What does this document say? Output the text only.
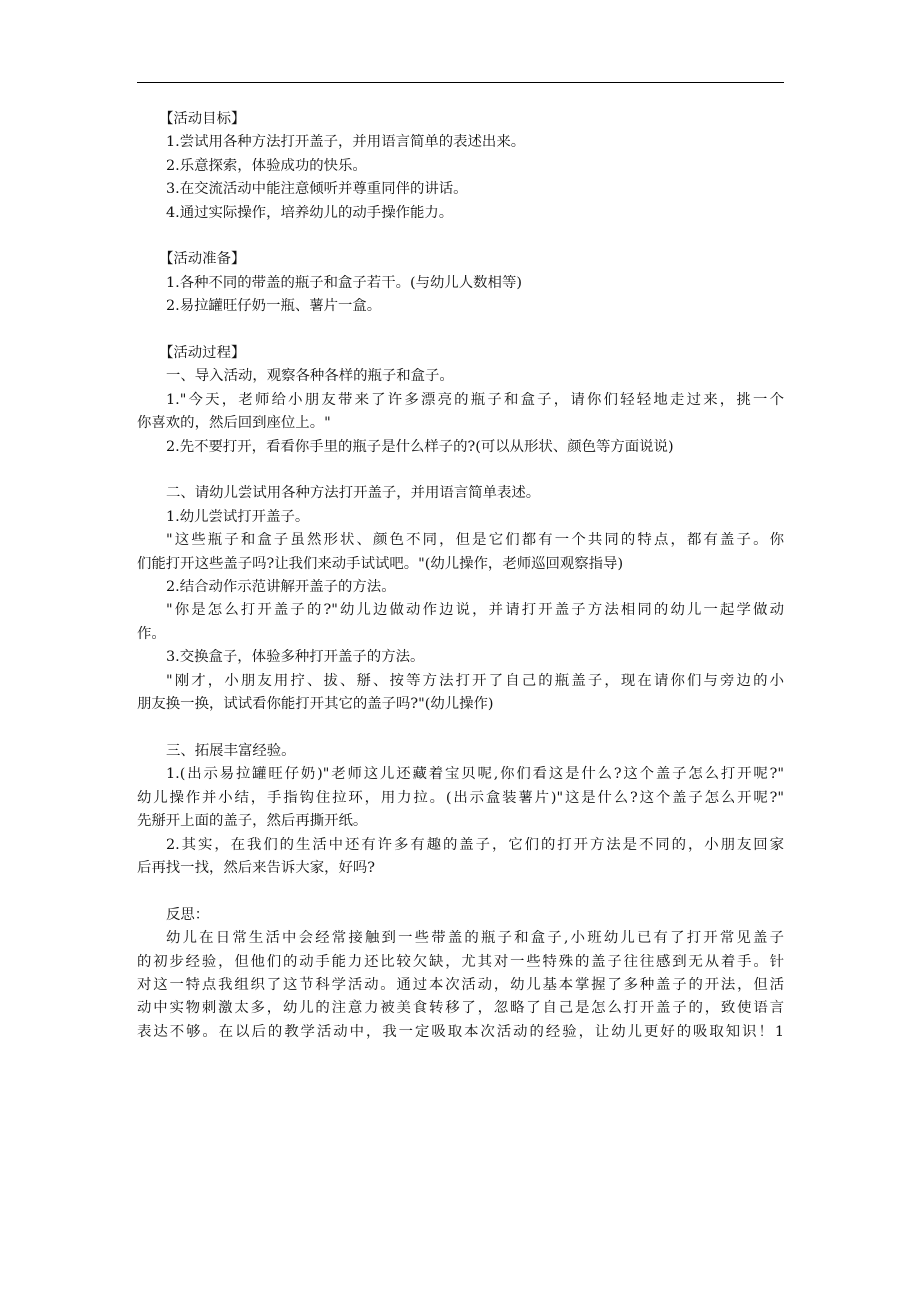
【活动目标】
1.尝试用各种方法打开盖子，并用语言简单的表述出来。
2.乐意探索，体验成功的快乐。
3.在交流活动中能注意倾听并尊重同伴的讲话。
4.通过实际操作，培养幼儿的动手操作能力。
【活动准备】
1.各种不同的带盖的瓶子和盒子若干。(与幼儿人数相等)
2.易拉罐旺仔奶一瓶、薯片一盒。
【活动过程】
一、导入活动，观察各种各样的瓶子和盒子。
1."今天，老师给小朋友带来了许多漂亮的瓶子和盒子，请你们轻轻地走过来，挑一个
你喜欢的，然后回到座位上。"
2.先不要打开，看看你手里的瓶子是什么样子的?(可以从形状、颜色等方面说说)
二、请幼儿尝试用各种方法打开盖子，并用语言简单表述。
1.幼儿尝试打开盖子。
"这些瓶子和盒子虽然形状、颜色不同，但是它们都有一个共同的特点，都有盖子。你
们能打开这些盖子吗?让我们来动手试试吧。"(幼儿操作，老师巡回观察指导)
2.结合动作示范讲解开盖子的方法。
"你是怎么打开盖子的?"幼儿边做动作边说，并请打开盖子方法相同的幼儿一起学做动
作。
3.交换盒子，体验多种打开盖子的方法。
"刚才，小朋友用拧、拔、掰、按等方法打开了自己的瓶盖子，现在请你们与旁边的小
朋友换一换，试试看你能打开其它的盖子吗?"(幼儿操作)
三、拓展丰富经验。
1.(出示易拉罐旺仔奶)"老师这儿还藏着宝贝呢,你们看这是什么?这个盖子怎么打开呢?"
幼儿操作并小结，手指钩住拉环，用力拉。(出示盒装薯片)"这是什么?这个盖子怎么开呢?"
先掰开上面的盖子，然后再撕开纸。
2.其实，在我们的生活中还有许多有趣的盖子，它们的打开方法是不同的，小朋友回家
后再找一找，然后来告诉大家，好吗?
反思：
幼儿在日常生活中会经常接触到一些带盖的瓶子和盒子,小班幼儿已有了打开常见盖子
的初步经验，但他们的动手能力还比较欠缺，尤其对一些特殊的盖子往往感到无从着手。针
对这一特点我组织了这节科学活动。通过本次活动，幼儿基本掌握了多种盖子的开法，但活
动中实物刺激太多，幼儿的注意力被美食转移了，忽略了自己是怎么打开盖子的，致使语言
表达不够。在以后的教学活动中，我一定吸取本次活动的经验，让幼儿更好的吸取知识！1
